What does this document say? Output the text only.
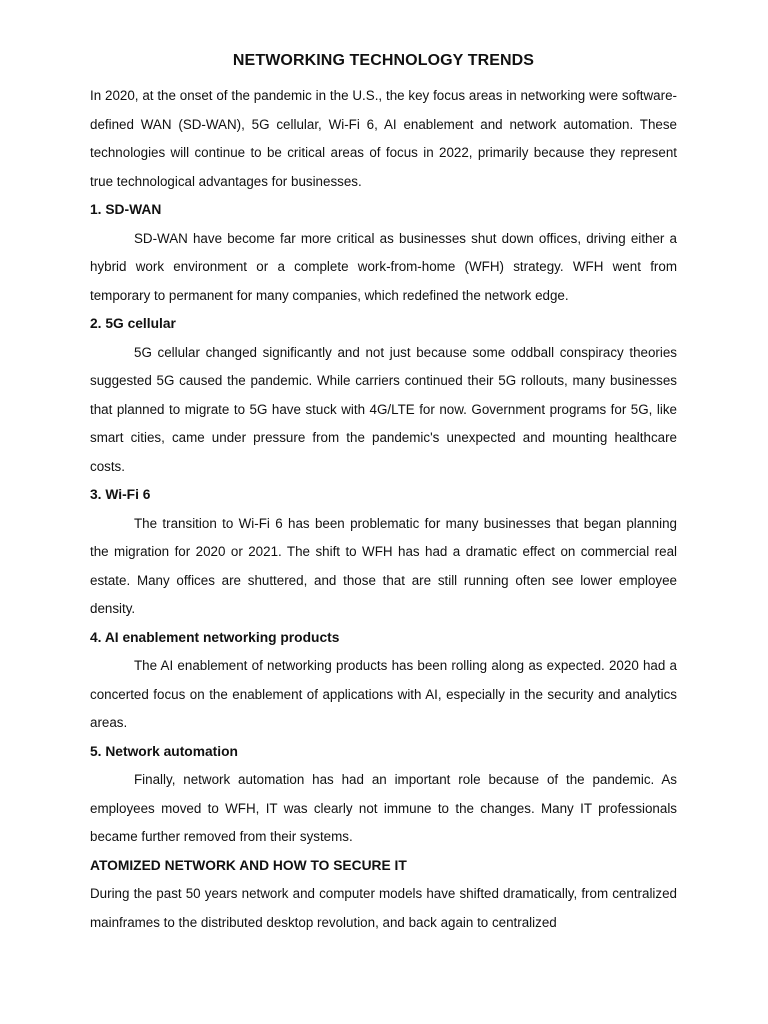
NETWORKING TECHNOLOGY TRENDS

In 2020, at the onset of the pandemic in the U.S., the key focus areas in networking were software-defined WAN (SD-WAN), 5G cellular, Wi-Fi 6, AI enablement and network automation. These technologies will continue to be critical areas of focus in 2022, primarily because they represent true technological advantages for businesses.

1. SD-WAN

SD-WAN have become far more critical as businesses shut down offices, driving either a hybrid work environment or a complete work-from-home (WFH) strategy. WFH went from temporary to permanent for many companies, which redefined the network edge.

2. 5G cellular

5G cellular changed significantly and not just because some oddball conspiracy theories suggested 5G caused the pandemic. While carriers continued their 5G rollouts, many businesses that planned to migrate to 5G have stuck with 4G/LTE for now. Government programs for 5G, like smart cities, came under pressure from the pandemic's unexpected and mounting healthcare costs.

3. Wi-Fi 6

The transition to Wi-Fi 6 has been problematic for many businesses that began planning the migration for 2020 or 2021. The shift to WFH has had a dramatic effect on commercial real estate. Many offices are shuttered, and those that are still running often see lower employee density.

4. AI enablement networking products

The AI enablement of networking products has been rolling along as expected. 2020 had a concerted focus on the enablement of applications with AI, especially in the security and analytics areas.

5. Network automation

Finally, network automation has had an important role because of the pandemic. As employees moved to WFH, IT was clearly not immune to the changes. Many IT professionals became further removed from their systems.

ATOMIZED NETWORK AND HOW TO SECURE IT

During the past 50 years network and computer models have shifted dramatically, from centralized mainframes to the distributed desktop revolution, and back again to centralized
